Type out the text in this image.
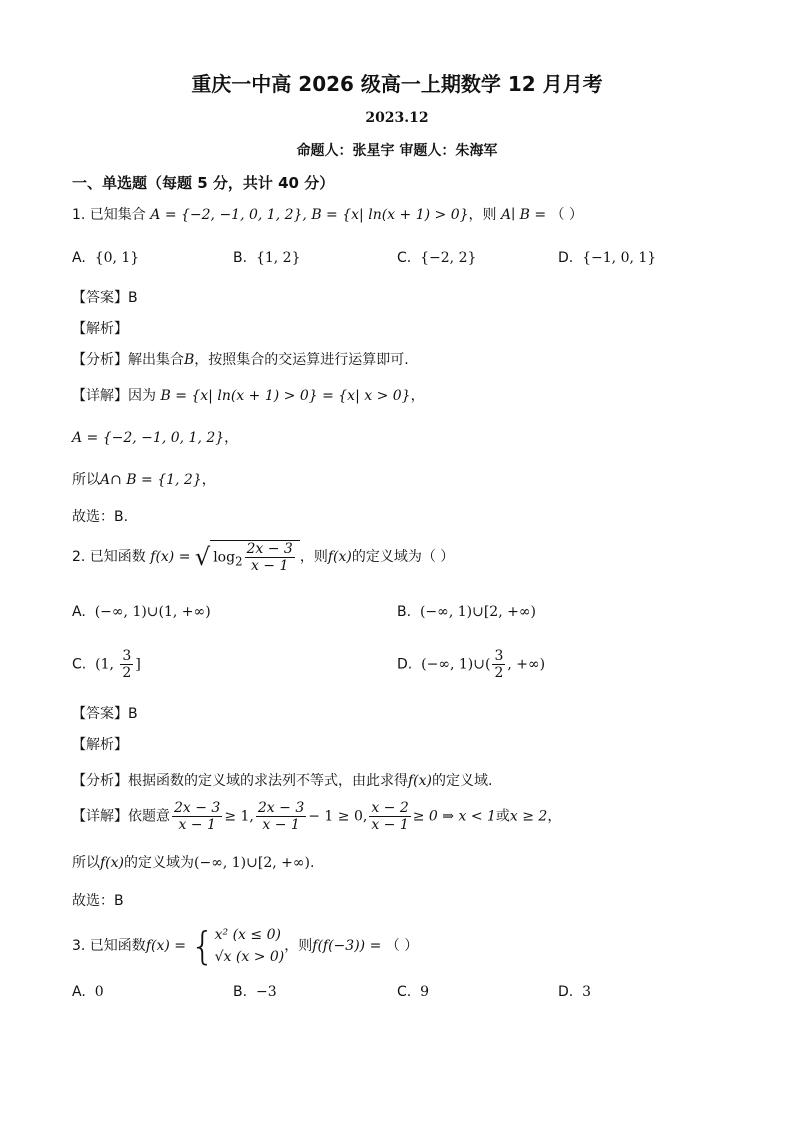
重庆一中高 2026 级高一上期数学 12 月月考
2023.12
命题人：张星宇 审题人：朱海军
一、单选题（每题 5 分，共计 40 分）
1. 已知集合 A = {−2, −1, 0, 1, 2}, B = {x| ln(x + 1) > 0}，则 A∣ B = （ ）
A. {0, 1}	B. {1, 2}	C. {−2, 2}	D. {−1, 0, 1}
【答案】B
【解析】
【分析】解出集合B，按照集合的交运算进行运算即可.
【详解】因为 B = {x| ln(x + 1) > 0} = {x| x > 0}，
A = {−2, −1, 0, 1, 2}，
所以A∩ B = {1, 2}，
故选：B.
2. 已知函数 f(x) = √ $\log_2 \frac{2x - 3}{x - 1}$ ，则f(x)的定义域为（ ）
A. (−∞, 1)∪(1, +∞)	B. (−∞, 1)∪[2, +∞)
C. (1, $\frac{3}{2}$ ]	D. (−∞, 1)∪( $\frac{3}{2}$ , +∞)
【答案】B
【解析】
【分析】根据函数的定义域的求法列不等式，由此求得f(x)的定义域.
【详解】依题意 $\frac{2x - 3}{x - 1} \ge 1$, $\frac{2x - 3}{x - 1} - 1 \ge 0$, $\frac{x - 2}{x - 1} \ge 0$ ⇒ x < 1或x ≥ 2，
所以f(x)的定义域为(−∞, 1)∪[2, +∞).
故选：B
3. 已知函数f(x) = { x² (x ≤ 0)
√x (x > 0)
，则f(f(−3)) = （ ）
A. 0	B. −3	C. 9	D. 3
